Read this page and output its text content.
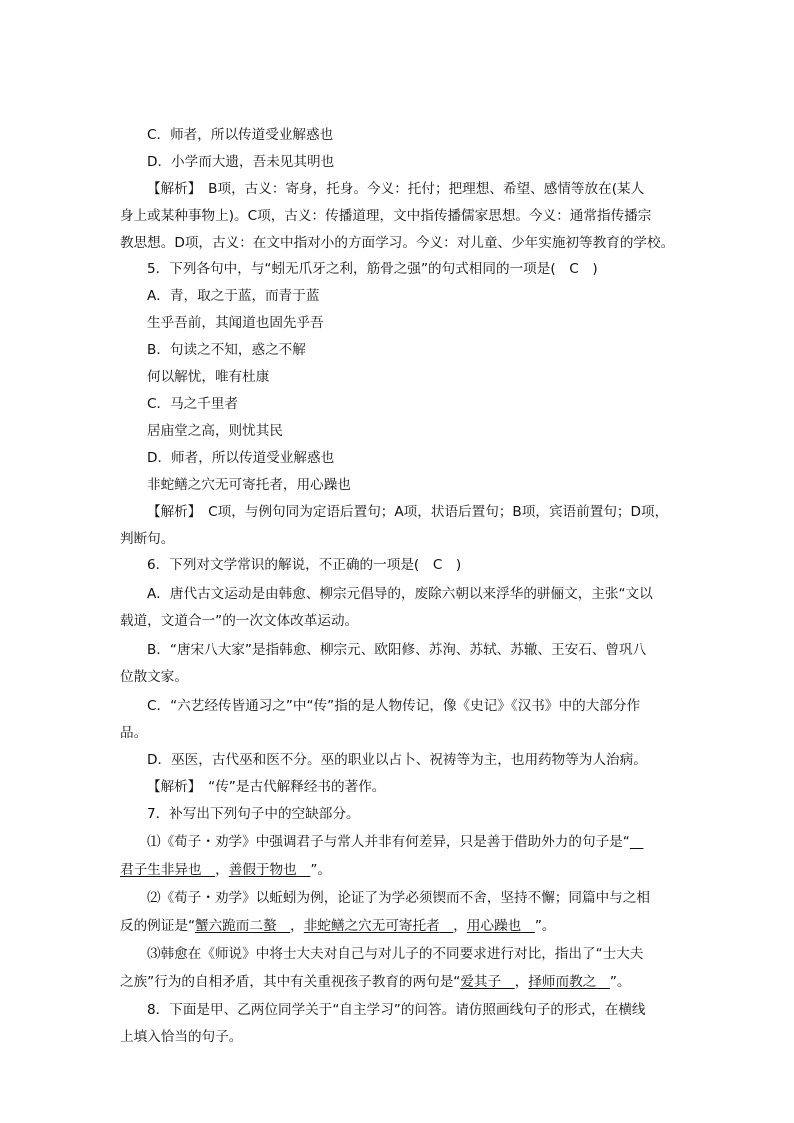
C．师者，所以传道受业解惑也
D．小学而大遗，吾未见其明也
【解析】　B项，古义：寄身，托身。今义：托付；把理想、希望、感情等放在(某人
身上或某种事物上)。C项，古义：传播道理，文中指传播儒家思想。今义：通常指传播宗
教思想。D项，古义：在文中指对小的方面学习。今义：对儿童、少年实施初等教育的学校。
5．下列各句中，与“蚓无爪牙之利，筋骨之强”的句式相同的一项是(　C　)
A．青，取之于蓝，而青于蓝
生乎吾前，其闻道也固先乎吾
B．句读之不知，惑之不解
何以解忧，唯有杜康
C．马之千里者
居庙堂之高，则忧其民
D．师者，所以传道受业解惑也
非蛇鳝之穴无可寄托者，用心躁也
【解析】　C项，与例句同为定语后置句；A项，状语后置句；B项，宾语前置句；D项，
判断句。
6．下列对文学常识的解说，不正确的一项是(　C　)
A．唐代古文运动是由韩愈、柳宗元倡导的，废除六朝以来浮华的骈俪文，主张“文以
载道，文道合一”的一次文体改革运动。
B．“唐宋八大家”是指韩愈、柳宗元、欧阳修、苏洵、苏轼、苏辙、王安石、曾巩八
位散文家。
C．“六艺经传皆通习之”中“传”指的是人物传记，像《史记》《汉书》中的大部分作
品。
D．巫医，古代巫和医不分。巫的职业以占卜、祝祷等为主，也用药物等为人治病。
【解析】　“传”是古代解释经书的著作。
7．补写出下列句子中的空缺部分。
⑴《荀子・劝学》中强调君子与常人并非有何差异，只是善于借助外力的句子是“　
君子生非异也　 ，善假于物也　 ”。
⑵《荀子・劝学》以蚯蚓为例，论证了为学必须锲而不舍，坚持不懈；同篇中与之相
反的例证是“蟹六跪而二螯　 ，非蛇鳝之穴无可寄托者　 ，用心躁也　 ”。
⑶韩愈在《师说》中将士大夫对自己与对儿子的不同要求进行对比，指出了“士大夫
之族”行为的自相矛盾，其中有关重视孩子教育的两句是“爱其子　 ，择师而教之　 ”。
8．下面是甲、乙两位同学关于“自主学习”的问答。请仿照画线句子的形式，在横线
上填入恰当的句子。
